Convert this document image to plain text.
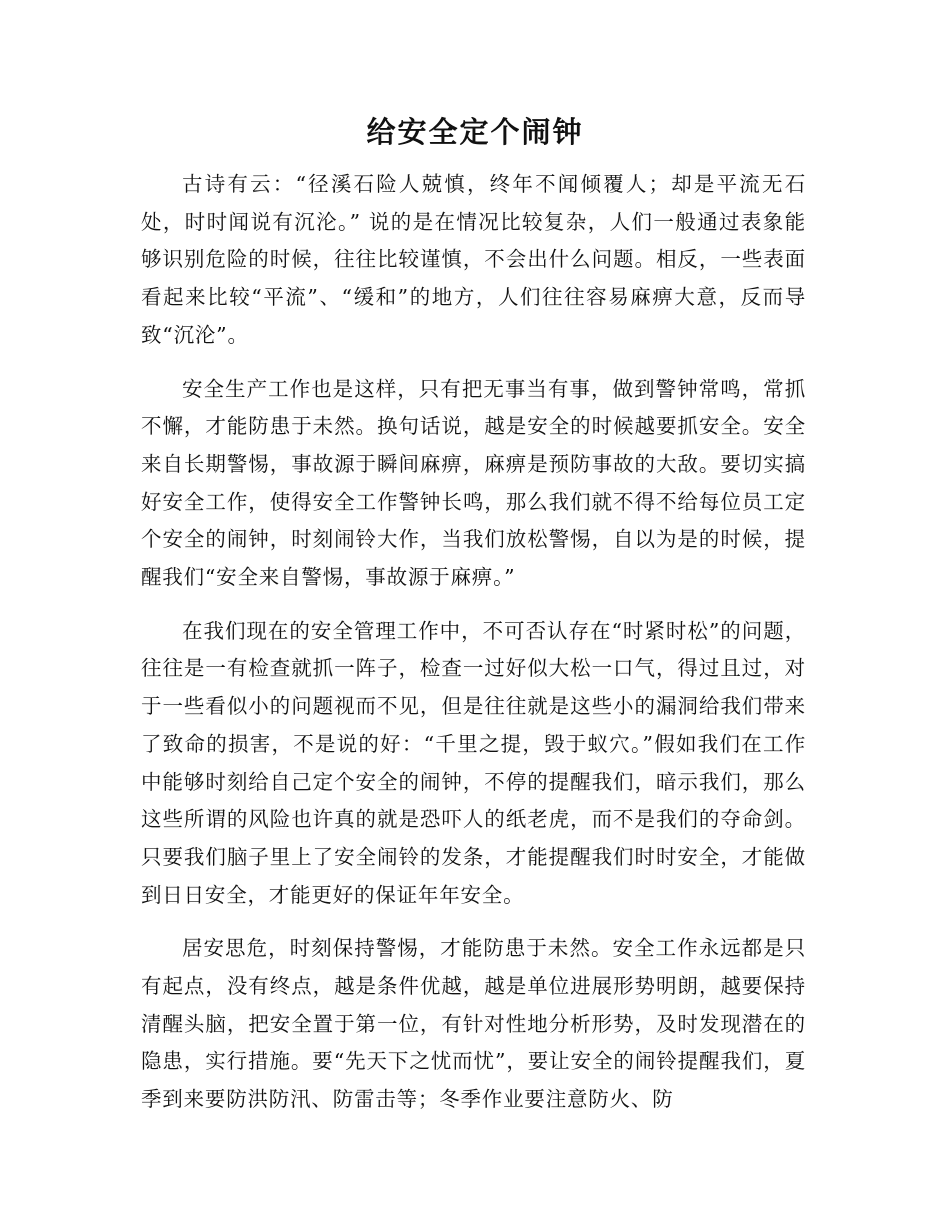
给安全定个闹钟

古诗有云：“径溪石险人兢慎，终年不闻倾覆人；却是平流无石处，时时闻说有沉沦。” 说的是在情况比较复杂，人们一般通过表象能够识别危险的时候，往往比较谨慎，不会出什么问题。相反，一些表面看起来比较“平流”、“缓和”的地方，人们往往容易麻痹大意，反而导致“沉沦”。

安全生产工作也是这样，只有把无事当有事，做到警钟常鸣，常抓不懈，才能防患于未然。换句话说，越是安全的时候越要抓安全。安全来自长期警惕，事故源于瞬间麻痹，麻痹是预防事故的大敌。要切实搞好安全工作，使得安全工作警钟长鸣，那么我们就不得不给每位员工定个安全的闹钟，时刻闹铃大作，当我们放松警惕，自以为是的时候，提醒我们“安全来自警惕，事故源于麻痹。”

在我们现在的安全管理工作中，不可否认存在“时紧时松”的问题，往往是一有检查就抓一阵子，检查一过好似大松一口气，得过且过，对于一些看似小的问题视而不见，但是往往就是这些小的漏洞给我们带来了致命的损害，不是说的好：“千里之提，毁于蚁穴。”假如我们在工作中能够时刻给自己定个安全的闹钟，不停的提醒我们，暗示我们，那么这些所谓的风险也许真的就是恐吓人的纸老虎，而不是我们的夺命剑。只要我们脑子里上了安全闹铃的发条，才能提醒我们时时安全，才能做到日日安全，才能更好的保证年年安全。

居安思危，时刻保持警惕，才能防患于未然。安全工作永远都是只有起点，没有终点，越是条件优越，越是单位进展形势明朗，越要保持清醒头脑，把安全置于第一位，有针对性地分析形势，及时发现潜在的隐患，实行措施。要“先天下之忧而忧”，要让安全的闹铃提醒我们，夏季到来要防洪防汛、防雷击等；冬季作业要注意防火、防
